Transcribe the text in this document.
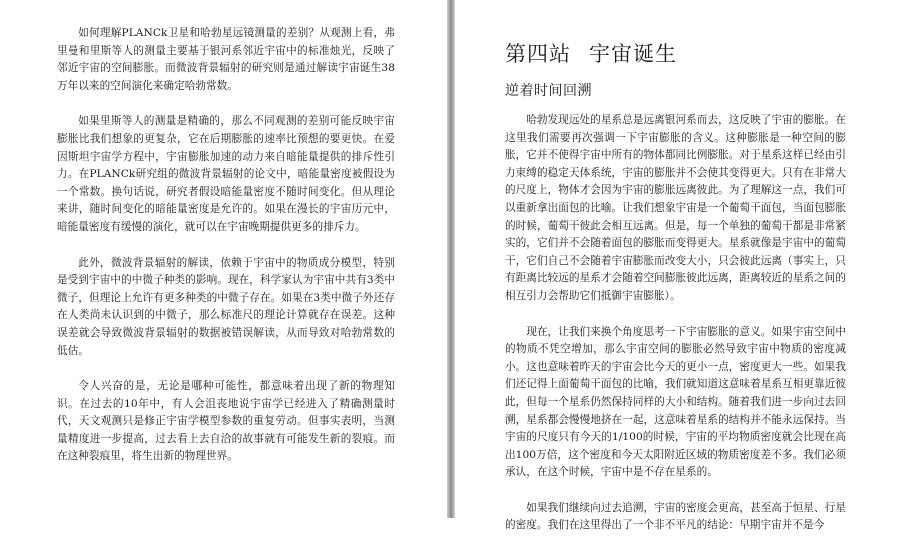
如何理解PLANCk卫星和哈勃星远镜测量的差别？从观测上看，弗里曼和里斯等人的测量主要基于银河系邻近宇宙中的标准烛光，反映了邻近宇宙的空间膨胀。而微波背景辐射的研究则是通过解读宇宙诞生38万年以来的空间演化来确定哈勃常数。

如果里斯等人的测量是精确的，那么不同观测的差别可能反映宇宙膨胀比我们想象的更复杂，它在后期膨胀的速率比预想的要更快。在爱因斯坦宇宙学方程中，宇宙膨胀加速的动力来自暗能量提供的排斥性引力。在PLANCk研究组的微波背景辐射的论文中，暗能量密度被假设为一个常数。换句话说，研究者假设暗能量密度不随时间变化。但从理论来讲，随时间变化的暗能量密度是允许的。如果在漫长的宇宙历元中，暗能量密度有缓慢的演化，就可以在宇宙晚期提供更多的排斥力。

此外，微波背景辐射的解读，依赖于宇宙中的物质成分模型，特别是受到宇宙中的中微子种类的影响。现在，科学家认为宇宙中共有3类中微子，但理论上允许有更多种类的中微子存在。如果在3类中微子外还存在人类尚未认识到的中微子，那么标准尺的理论计算就存在误差。这种误差就会导致微波背景辐射的数据被错误解读，从而导致对哈勃常数的低估。

令人兴奋的是，无论是哪种可能性，都意味着出现了新的物理知识。在过去的10年中，有人会沮丧地说宇宙学已经进入了精确测量时代，天文观测只是修正宇宙学模型参数的重复劳动。但事实表明，当测量精度进一步提高，过去看上去自洽的故事就有可能发生新的裂痕。而在这种裂痕里，将生出新的物理世界。

第四站 宇宙诞生
逆着时间回溯

哈勃发现远处的星系总是远离银河系而去，这反映了宇宙的膨胀。在这里我们需要再次强调一下宇宙膨胀的含义。这种膨胀是一种空间的膨胀，它并不使得宇宙中所有的物体都同比例膨胀。对于星系这样已经由引力束缚的稳定天体系统，宇宙的膨胀并不会使其变得更大。只有在非常大的尺度上，物体才会因为宇宙的膨胀远离彼此。为了理解这一点，我们可以重新拿出面包的比喻。让我们想象宇宙是一个葡萄干面包，当面包膨胀的时候，葡萄干彼此会相互远离。但是，每一个单独的葡萄干都是非常紧实的，它们并不会随着面包的膨胀而变得更大。星系就像是宇宙中的葡萄干，它们自己不会随着宇宙膨胀而改变大小，只会彼此远离（事实上，只有距离比较远的星系才会随着空间膨胀彼此远离，距离较近的星系之间的相互引力会帮助它们抵御宇宙膨胀）。

现在，让我们来换个角度思考一下宇宙膨胀的意义。如果宇宙空间中的物质不凭空增加，那么宇宙空间的膨胀必然导致宇宙中物质的密度减小。这也意味着昨天的宇宙会比今天的更小一点，密度更大一些。如果我们还记得上面葡萄干面包的比喻，我们就知道这意味着星系互相更靠近彼此，但每一个星系仍然保持同样的大小和结构。随着我们进一步向过去回溯，星系都会慢慢地挤在一起，这意味着星系的结构并不能永远保持。当宇宙的尺度只有今天的1/100的时候，宇宙的平均物质密度就会比现在高出100万倍，这个密度和今天太阳附近区域的物质密度差不多。我们必须承认，在这个时候，宇宙中是不存在星系的。

如果我们继续向过去追溯，宇宙的密度会更高，甚至高于恒星、行星的密度。我们在这里得出了一个非不平凡的结论：早期宇宙并不是今
